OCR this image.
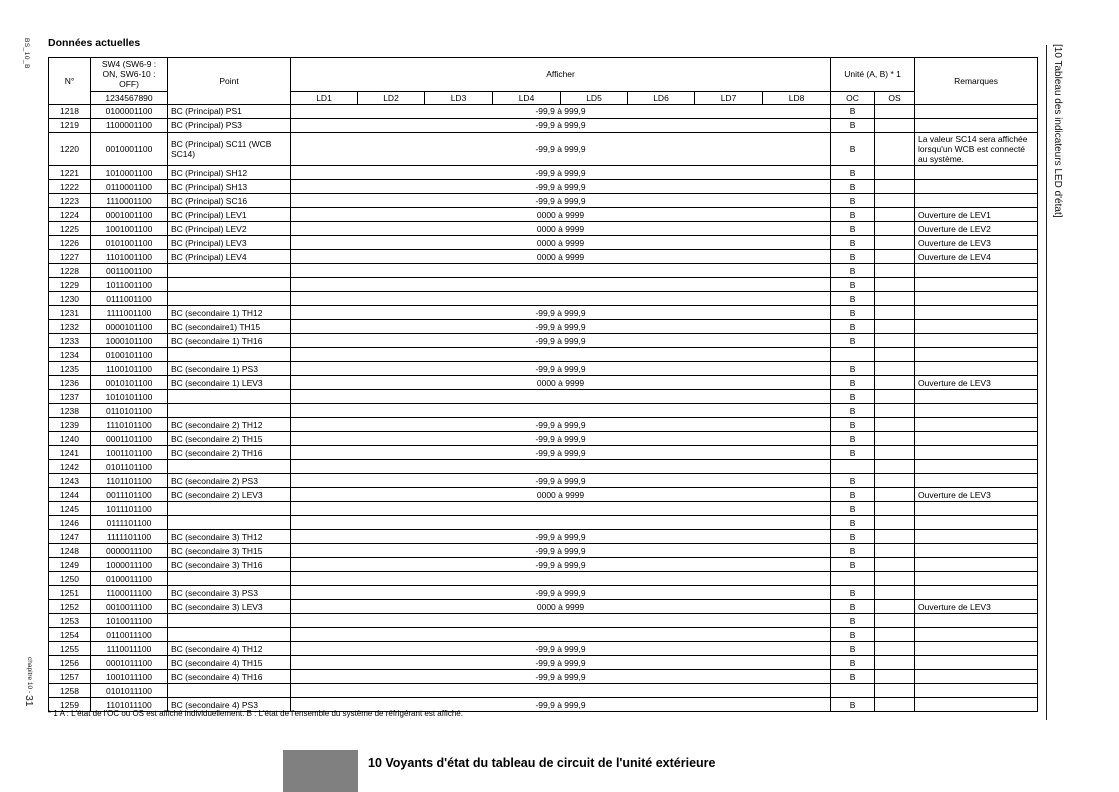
BS_10_B Données actuelles
N°	SW4 (SW6-9 : ON, SW6-10 : OFF)	Point	Afficher								Unité (A, B) * 1		Remarques
	1234567890		LD1	LD2	LD3	LD4	LD5	LD6	LD7	LD8	OC	OS	
1218	0100001100	BC (Principal) PS1	-99,9 à 999,9								B		
1219	1100001100	BC (Principal) PS3	-99,9 à 999,9								B		
1220	0010001100	BC (Principal) SC11 (WCB SC14)	-99,9 à 999,9								B		La valeur SC14 sera affichée lorsqu'un WCB est connecté au système.
1221	1010001100	BC (Principal) SH12	-99,9 à 999,9								B		
1222	0110001100	BC (Principal) SH13	-99,9 à 999,9								B		
1223	1110001100	BC (Principal) SC16	-99,9 à 999,9								B		
1224	0001001100	BC (Principal) LEV1	0000 à 9999								B		Ouverture de LEV1
1225	1001001100	BC (Principal) LEV2	0000 à 9999								B		Ouverture de LEV2
1226	0101001100	BC (Principal) LEV3	0000 à 9999								B		Ouverture de LEV3
1227	1101001100	BC (Principal) LEV4	0000 à 9999								B		Ouverture de LEV4
1228	0011001100										B		
1229	1011001100										B		
1230	0111001100										B		
1231	1111001100	BC (secondaire 1) TH12	-99,9 à 999,9								B		
1232	0000101100	BC (secondaire1) TH15	-99,9 à 999,9								B		
1233	1000101100	BC (secondaire 1) TH16	-99,9 à 999,9								B		
1234	0100101100												
1235	1100101100	BC (secondaire 1) PS3	-99,9 à 999,9								B		
1236	0010101100	BC (secondaire 1) LEV3	0000 à 9999								B		Ouverture de LEV3
1237	1010101100										B		
1238	0110101100										B		
1239	1110101100	BC (secondaire 2) TH12	-99,9 à 999,9								B		
1240	0001101100	BC (secondaire 2) TH15	-99,9 à 999,9								B		
1241	1001101100	BC (secondaire 2) TH16	-99,9 à 999,9								B		
1242	0101101100												
1243	1101101100	BC (secondaire 2) PS3	-99,9 à 999,9								B		
1244	0011101100	BC (secondaire 2) LEV3	0000 à 9999								B		Ouverture de LEV3
1245	1011101100										B		
1246	0111101100										B		
1247	1111101100	BC (secondaire 3) TH12	-99,9 à 999,9								B		
1248	0000011100	BC (secondaire 3) TH15	-99,9 à 999,9								B		
1249	1000011100	BC (secondaire 3) TH16	-99,9 à 999,9								B		
1250	0100011100												
1251	1100011100	BC (secondaire 3) PS3	-99,9 à 999,9								B		
1252	0010011100	BC (secondaire 3) LEV3	0000 à 9999								B		Ouverture de LEV3
1253	1010011100										B		
1254	0110011100										B		
1255	1110011100	BC (secondaire 4) TH12	-99,9 à 999,9								B		
1256	0001011100	BC (secondaire 4) TH15	-99,9 à 999,9								B		
1257	1001011100	BC (secondaire 4) TH16	-99,9 à 999,9								B		
1258	0101011100												
1259	1101011100	BC (secondaire 4) PS3	-99,9 à 999,9								B		
* 1 A : L'état de l'OC ou OS est affiché individuellement. B : L'état de l'ensemble du système de réfrigérant est affiché.
chapitre 10 - 31
[10 Tableau des indicateurs LED d'état]
10 Voyants d'état du tableau de circuit de l'unité extérieure
